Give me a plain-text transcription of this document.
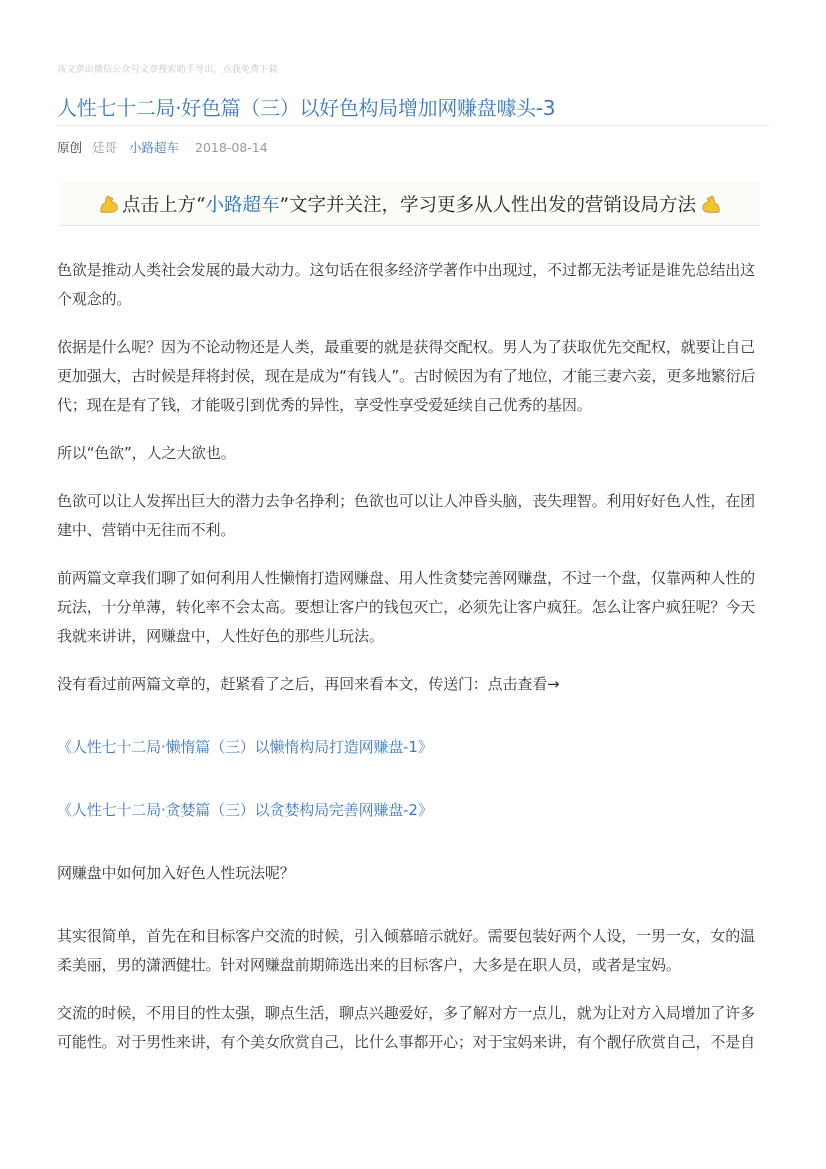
该文章由微信公众号文章搜索助手导出，点我免费下载
人性七十二局·好色篇（三）以好色构局增加网赚盘噱头-3
原创 廷哥 小路超车 2018-08-14
点击上方“小路超车”文字并关注，学习更多从人性出发的营销设局方法

色欲是推动人类社会发展的最大动力。这句话在很多经济学著作中出现过，不过都无法考证是谁先总结出这个观念的。

依据是什么呢？因为不论动物还是人类，最重要的就是获得交配权。男人为了获取优先交配权，就要让自己更加强大，古时候是拜将封侯，现在是成为“有钱人”。古时候因为有了地位，才能三妻六妾，更多地繁衍后代；现在是有了钱，才能吸引到优秀的异性，享受性享受爱延续自己优秀的基因。

所以“色欲”，人之大欲也。

色欲可以让人发挥出巨大的潜力去争名挣利；色欲也可以让人冲昏头脑，丧失理智。利用好好色人性，在团建中、营销中无往而不利。

前两篇文章我们聊了如何利用人性懒惰打造网赚盘、用人性贪婪完善网赚盘，不过一个盘，仅靠两种人性的玩法，十分单薄，转化率不会太高。要想让客户的钱包灭亡，必须先让客户疯狂。怎么让客户疯狂呢？今天我就来讲讲，网赚盘中，人性好色的那些儿玩法。

没有看过前两篇文章的，赶紧看了之后，再回来看本文，传送门：点击查看→

《人性七十二局·懒惰篇（三）以懒惰构局打造网赚盘-1》

《人性七十二局·贪婪篇（三）以贪婪构局完善网赚盘-2》

网赚盘中如何加入好色人性玩法呢？

其实很简单，首先在和目标客户交流的时候，引入倾慕暗示就好。需要包装好两个人设，一男一女，女的温柔美丽，男的潇洒健壮。针对网赚盘前期筛选出来的目标客户，大多是在职人员，或者是宝妈。

交流的时候，不用目的性太强，聊点生活，聊点兴趣爱好，多了解对方一点儿，就为让对方入局增加了许多可能性。对于男性来讲，有个美女欣赏自己，比什么事都开心；对于宝妈来讲，有个靓仔欣赏自己，不是自
